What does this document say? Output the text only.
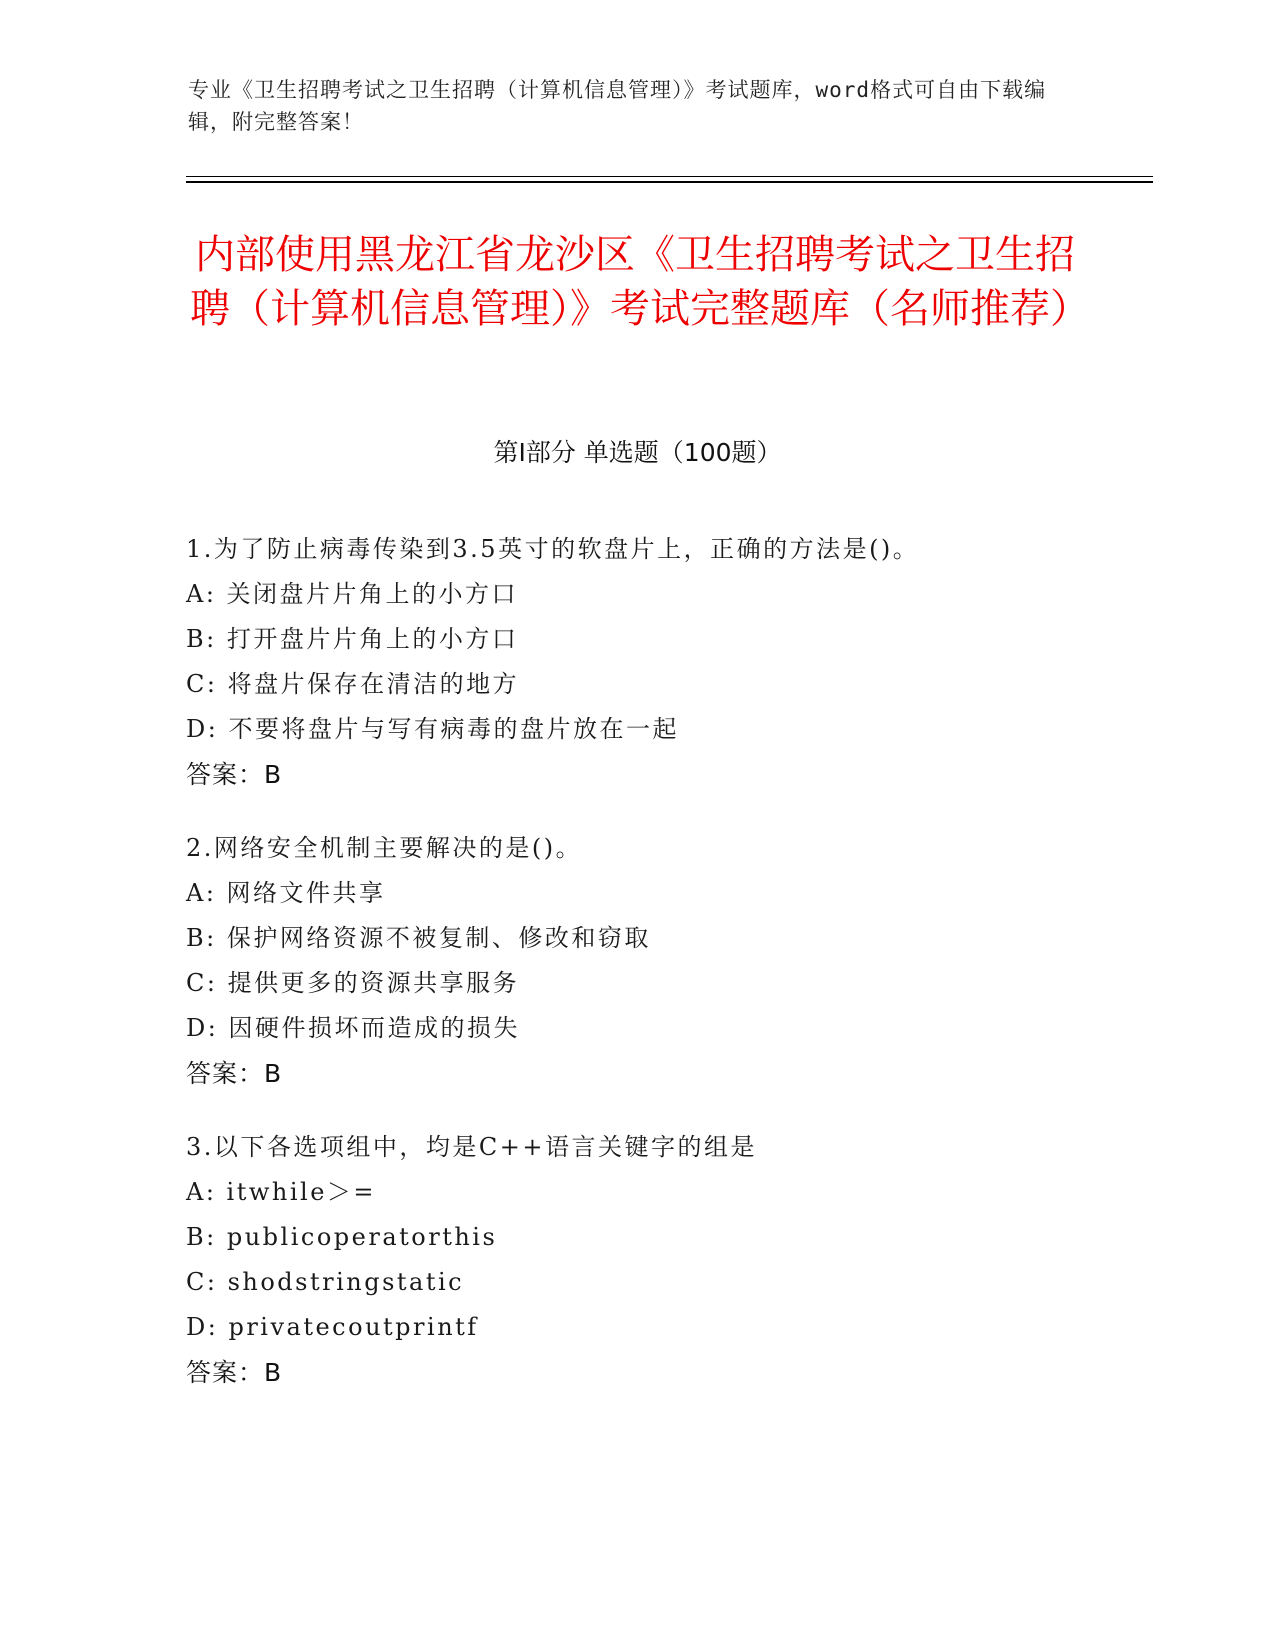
专业《卫生招聘考试之卫生招聘（计算机信息管理）》考试题库，word格式可自由下载编辑，附完整答案！
内部使用黑龙江省龙沙区《卫生招聘考试之卫生招聘（计算机信息管理）》考试完整题库（名师推荐）
第Ⅰ部分 单选题（100题）
1.为了防止病毒传染到3.5英寸的软盘片上，正确的方法是()。
A: 关闭盘片片角上的小方口
B: 打开盘片片角上的小方口
C: 将盘片保存在清洁的地方
D: 不要将盘片与写有病毒的盘片放在一起
答案：B
2.网络安全机制主要解决的是()。
A: 网络文件共享
B: 保护网络资源不被复制、修改和窃取
C: 提供更多的资源共享服务
D: 因硬件损坏而造成的损失
答案：B
3.以下各选项组中，均是C++语言关键字的组是
A: itwhile＞=
B: publicoperatorthis
C: shodstringstatic
D: privatecoutprintf
答案：B
